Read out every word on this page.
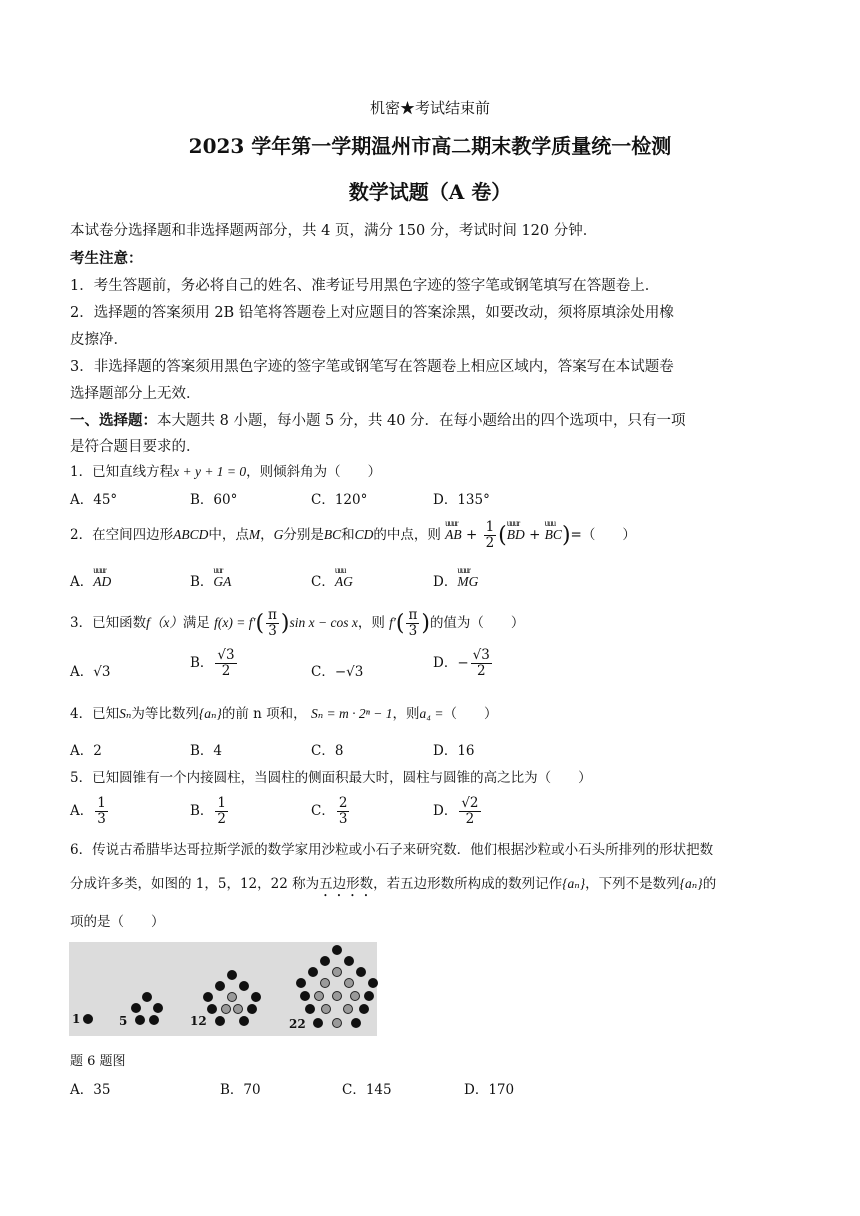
机密★考试结束前
2023 学年第一学期温州市高二期末教学质量统一检测
数学试题（A 卷）
本试卷分选择题和非选择题两部分，共 4 页，满分 150 分，考试时间 120 分钟．
考生注意：
1．考生答题前，务必将自己的姓名、准考证号用黑色字迹的签字笔或钢笔填写在答题卷上．
2．选择题的答案须用 2B 铅笔将答题卷上对应题目的答案涂黑，如要改动，须将原填涂处用橡
皮擦净．
3．非选择题的答案须用黑色字迹的签字笔或钢笔写在答题卷上相应区域内，答案写在本试题卷
选择题部分上无效．
一、选择题：本大题共 8 小题，每小题 5 分，共 40 分．在每小题给出的四个选项中，只有一项
是符合题目要求的．
1．已知直线方程x + y + 1 = 0，则倾斜角为（　　）
A．45°	B．60°	C．120°	D．135°
2．在空间四边形ABCD中，点M，G分别是BC和CD的中点，则
uuur
AB + $\frac{1}{2}$ ( uuur
BD +
uuu
BC)=（　　）
A．
uuur
AD	B．
uur
GA	C．
uuu
AG	D．
uuur
MG
3．已知函数f（x）满足 $f(x) = f'( \frac{\pi}{3} )\sin$ x − cos x，则 $f'( \frac{\pi}{3}$ )的值为（　　）
A．√3
B． $\frac{√3}{2}$	C．−√3
D．− $\frac{√3}{2}$
4．已知Sₙ为等比数列{aₙ}的前 n 项和， Sₙ = m · 2ⁿ − 1，则a₄ =（　　）
A．2	B．4	C．8	D．16
5．已知圆锥有一个内接圆柱，当圆柱的侧面积最大时，圆柱与圆锥的高之比为（　　）
A． $\frac{1}{3}$	B． $\frac{1}{2}$	C． $\frac{2}{3}$	D． $\frac{√2}{2}$
6．传说古希腊毕达哥拉斯学派的数学家用沙粒或小石子来研究数．他们根据沙粒或小石头所排列的形状把数
分成许多类，如图的 1，5，12，22 称为五边形数，若五边形数所构成的数列记作{aₙ}，下列不是数列{aₙ}的
项的是（　　）
1	5	12	22
题 6 题图
A．35	B．70	C．145	D．170
